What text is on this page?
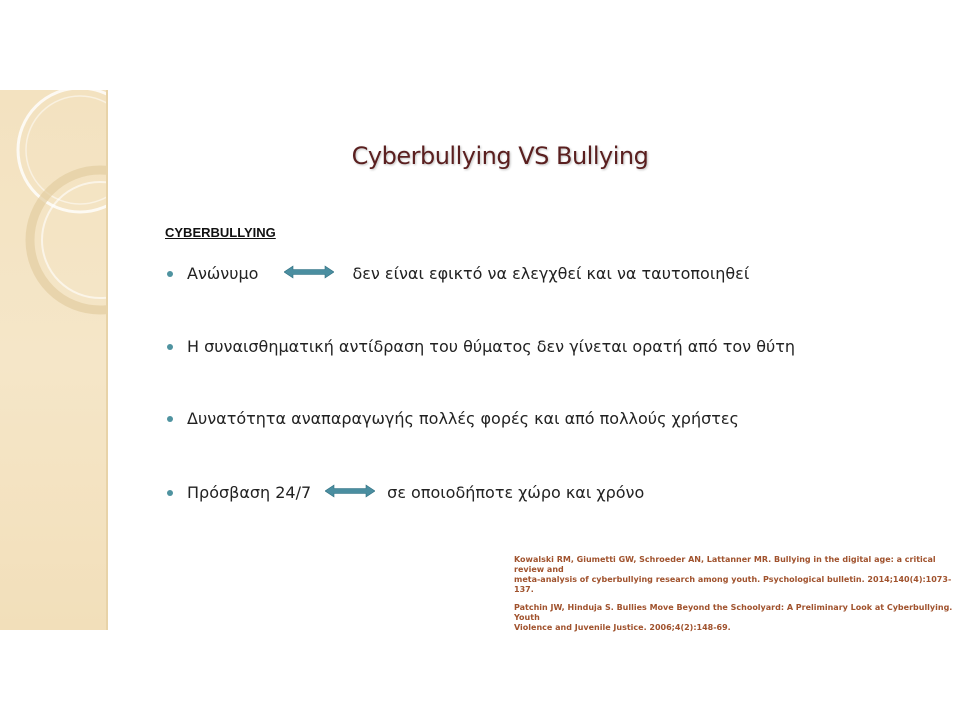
Cyberbullying VS Bullying
CYBERBULLYING
Ανώνυμο	δεν είναι εφικτό να ελεγχθεί και να ταυτοποιηθεί
Η συναισθηματική αντίδραση του θύματος δεν γίνεται ορατή από τον θύτη
Δυνατότητα αναπαραγωγής πολλές φορές και από πολλούς χρήστες
Πρόσβαση 24/7	σε οποιοδήποτε χώρο και χρόνο

Kowalski RM, Giumetti GW, Schroeder AN, Lattanner MR. Bullying in the digital age: a critical review and
meta-analysis of cyberbullying research among youth. Psychological bulletin. 2014;140(4):1073-137.

Patchin JW, Hinduja S. Bullies Move Beyond the Schoolyard: A Preliminary Look at Cyberbullying. Youth
Violence and Juvenile Justice. 2006;4(2):148-69.
